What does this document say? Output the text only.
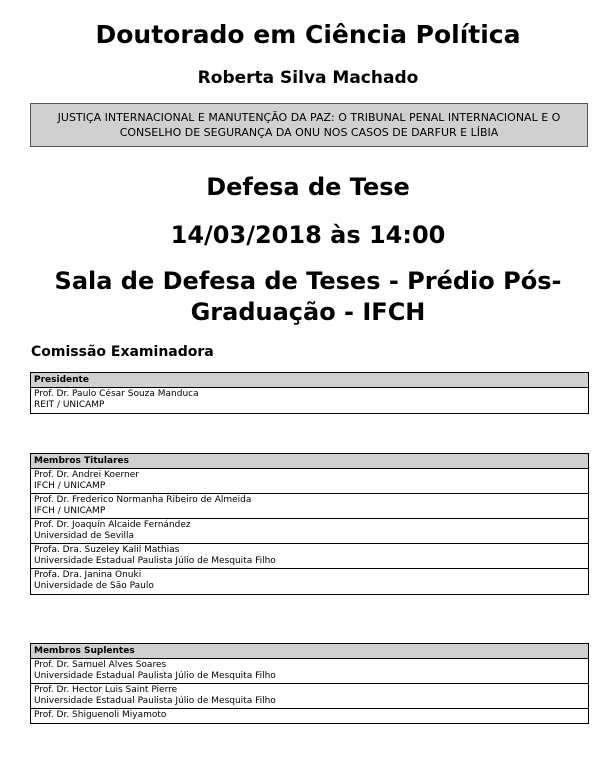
Doutorado em Ciência Política
Roberta Silva Machado
JUSTIÇA INTERNACIONAL E MANUTENÇÃO DA PAZ: O TRIBUNAL PENAL INTERNACIONAL E O CONSELHO DE SEGURANÇA DA ONU NOS CASOS DE DARFUR E LÍBIA
Defesa de Tese
14/03/2018 às 14:00
Sala de Defesa de Teses - Prédio Pós-Graduação - IFCH
Comissão Examinadora
Presidente
Prof. Dr. Paulo César Souza Manduca
REIT / UNICAMP
Membros Titulares
Prof. Dr. Andrei Koerner
IFCH / UNICAMP
Prof. Dr. Frederico Normanha Ribeiro de Almeida
IFCH / UNICAMP
Prof. Dr. Joaquín Alcaide Fernández
Universidad de Sevilla
Profa. Dra. Suzeley Kalil Mathias
Universidade Estadual Paulista Júlio de Mesquita Filho
Profa. Dra. Janina Onuki
Universidade de São Paulo
Membros Suplentes
Prof. Dr. Samuel Alves Soares
Universidade Estadual Paulista Júlio de Mesquita Filho
Prof. Dr. Hector Luis Saint Pierre
Universidade Estadual Paulista Júlio de Mesquita Filho
Prof. Dr. Shiguenoli Miyamoto
